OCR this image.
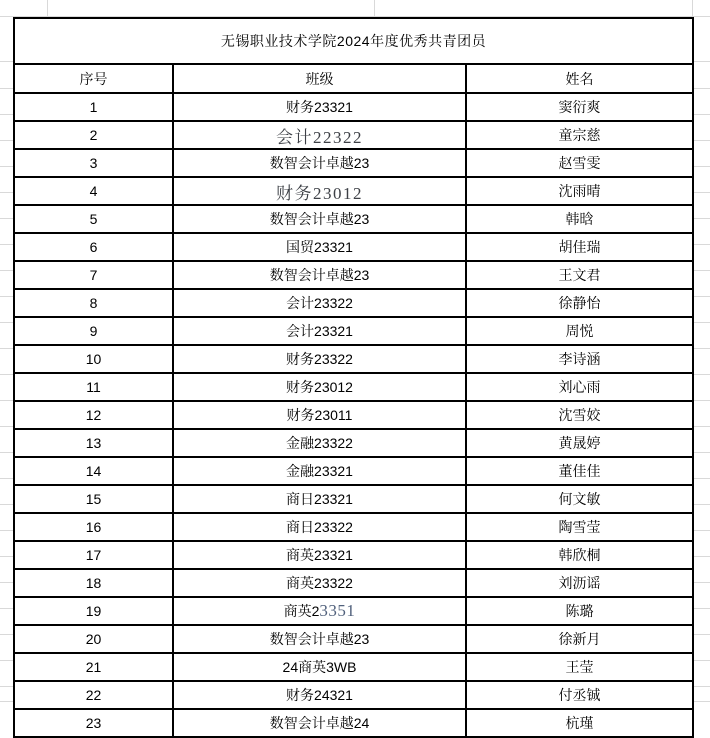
无锡职业技术学院2024年度优秀共青团员		
序号	班级	姓名
1	财务23321	窦衍爽
2	会计22322	童宗慈
3	数智会计卓越23	赵雪雯
4	财务23012	沈雨晴
5	数智会计卓越23	韩晗
6	国贸23321	胡佳瑞
7	数智会计卓越23	王文君
8	会计23322	徐静怡
9	会计23321	周悦
10	财务23322	李诗涵
11	财务23012	刘心雨
12	财务23011	沈雪姣
13	金融23322	黄晟婷
14	金融23321	董佳佳
15	商日23321	何文敏
16	商日23322	陶雪莹
17	商英23321	韩欣桐
18	商英23322	刘沥谣
19	商英23351	陈璐
20	数智会计卓越23	徐新月
21	24商英3WB	王莹
22	财务24321	付丞铖
23	数智会计卓越24	杭瑾
